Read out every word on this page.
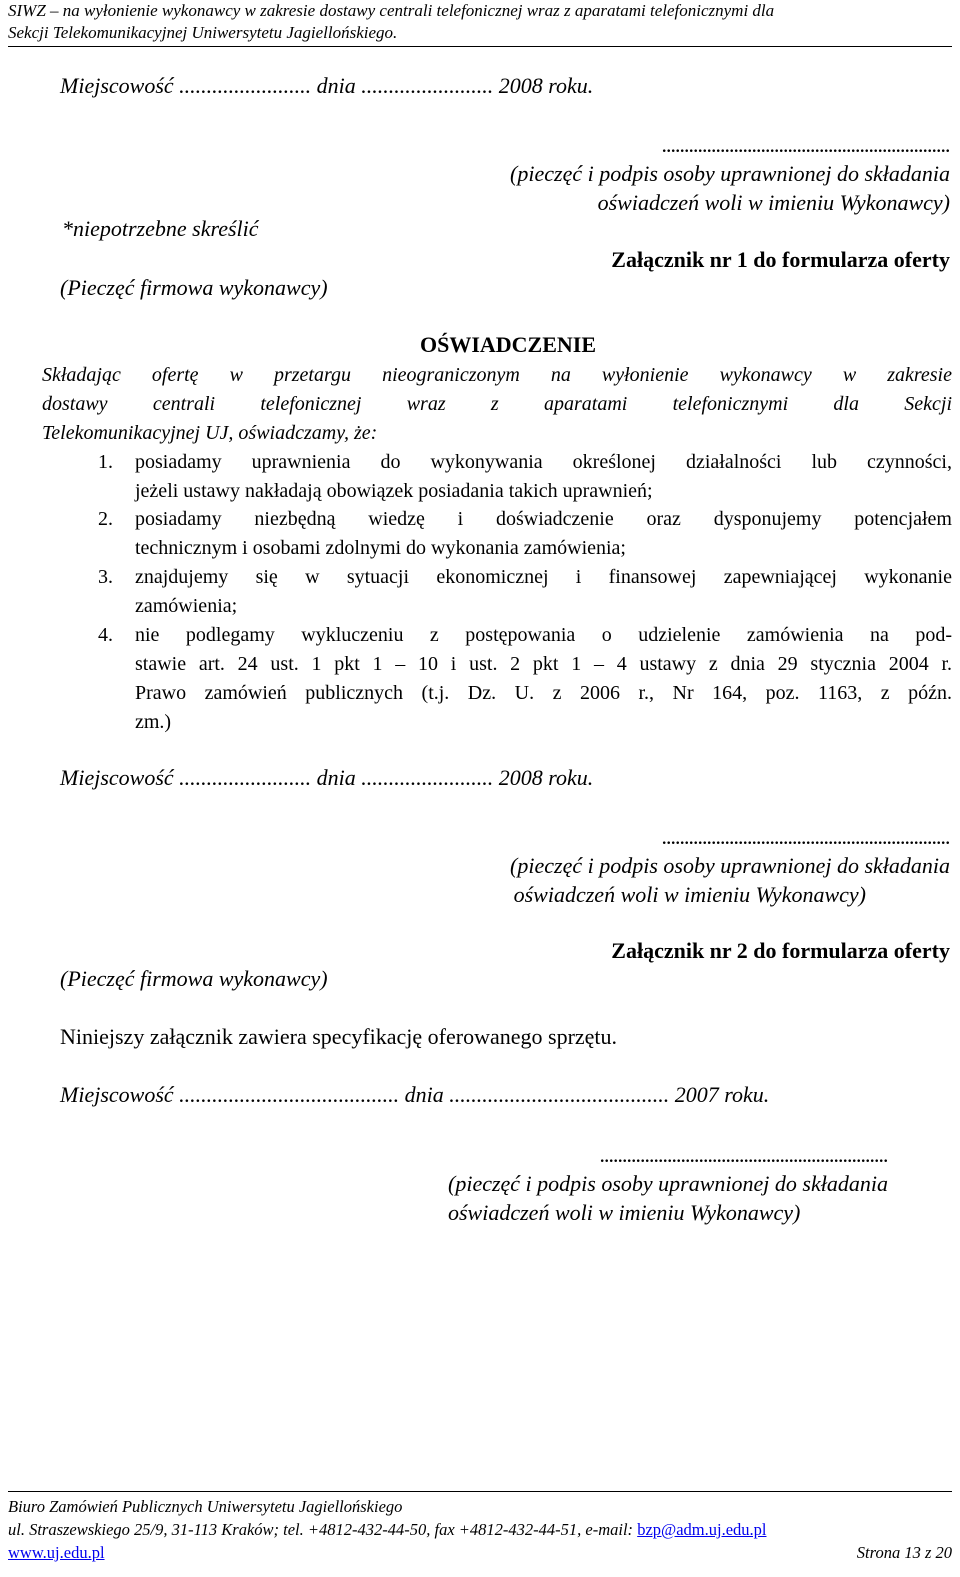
SIWZ – na wyłonienie wykonawcy w zakresie dostawy centrali telefonicznej wraz z aparatami telefonicznymi dla
Sekcji Telekomunikacyjnej Uniwersytetu Jagiellońskiego.
Miejscowość ........................ dnia ........................ 2008 roku.
................................................................
(pieczęć i podpis osoby uprawnionej do składania
oświadczeń woli w imieniu Wykonawcy)
*niepotrzebne skreślić
Załącznik nr 1 do formularza oferty
(Pieczęć firmowa wykonawcy)
OŚWIADCZENIE
Składając ofertę w przetargu nieograniczonym na wyłonienie wykonawcy w zakresie
dostawy centrali telefonicznej wraz z aparatami telefonicznymi dla Sekcji
Telekomunikacyjnej UJ, oświadczamy, że:
1. posiadamy uprawnienia do wykonywania określonej działalności lub czynności,
jeżeli ustawy nakładają obowiązek posiadania takich uprawnień;
2. posiadamy niezbędną wiedzę i doświadczenie oraz dysponujemy potencjałem
technicznym i osobami zdolnymi do wykonania zamówienia;
3. znajdujemy się w sytuacji ekonomicznej i finansowej zapewniającej wykonanie
zamówienia;
4. nie podlegamy wykluczeniu z postępowania o udzielenie zamówienia na pod-
stawie art. 24 ust. 1 pkt 1 – 10 i ust. 2 pkt 1 – 4 ustawy z dnia 29 stycznia 2004 r.
Prawo zamówień publicznych (t.j. Dz. U. z 2006 r., Nr 164, poz. 1163, z późn.
zm.)
Miejscowość ........................ dnia ........................ 2008 roku.
................................................................
(pieczęć i podpis osoby uprawnionej do składania
oświadczeń woli w imieniu Wykonawcy)
Załącznik nr 2 do formularza oferty
(Pieczęć firmowa wykonawcy)
Niniejszy załącznik zawiera specyfikację oferowanego sprzętu.
Miejscowość ........................................ dnia ........................................ 2007 roku.
................................................................
(pieczęć i podpis osoby uprawnionej do składania
oświadczeń woli w imieniu Wykonawcy)
Biuro Zamówień Publicznych Uniwersytetu Jagiellońskiego
ul. Straszewskiego 25/9, 31-113 Kraków; tel. +4812-432-44-50, fax +4812-432-44-51, e-mail: bzp@adm.uj.edu.pl
www.uj.edu.pl	Strona 13 z 20
